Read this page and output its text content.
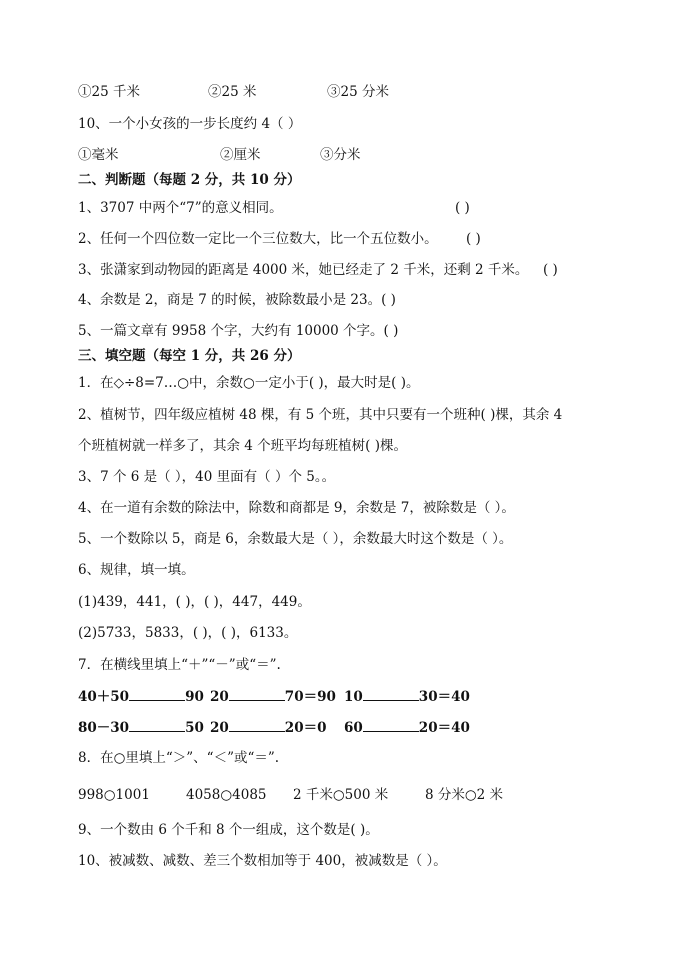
①25 千米	②25 米	③25 分米
10、一个小女孩的一步长度约 4（ ）
①毫米	②厘米	③分米
二、判断题（每题 2 分，共 10 分）
1、3707 中两个“7”的意义相同。	( )
2、任何一个四位数一定比一个三位数大，比一个五位数小。 ( )
3、张潇家到动物园的距离是 4000 米，她已经走了 2 千米，还剩 2 千米。 ( )
4、余数是 2，商是 7 的时候，被除数最小是 23。( )
5、一篇文章有 9958 个字，大约有 10000 个字。( )
三、填空题（每空 1 分，共 26 分）
1．在◇÷8=7…○中，余数○一定小于( )，最大时是( )。
2、植树节，四年级应植树 48 棵，有 5 个班，其中只要有一个班种( )棵，其余 4
个班植树就一样多了，其余 4 个班平均每班植树( )棵。
3、7 个 6 是（ ），40 里面有（ ）个 5。。
4、在一道有余数的除法中，除数和商都是 9，余数是 7，被除数是（ ）。
5、一个数除以 5，商是 6，余数最大是（ ），余数最大时这个数是（ ）。
6、规律，填一填。
(1)439，441，( )，( )，447，449。
(2)5733，5833，( )，( )，6133。
7．在横线里填上“＋”“－”或“＝”.
40＋50	90 20	70＝90 10	30＝40
80－30	50 20	20＝0 60	20＝40
8．在○里填上“＞”、“＜”或“＝”.
998○1001	4058○4085 2 千米○500 米	8 分米○2 米
9、一个数由 6 个千和 8 个一组成，这个数是( )。
10、被减数、减数、差三个数相加等于 400，被减数是（ ）。
